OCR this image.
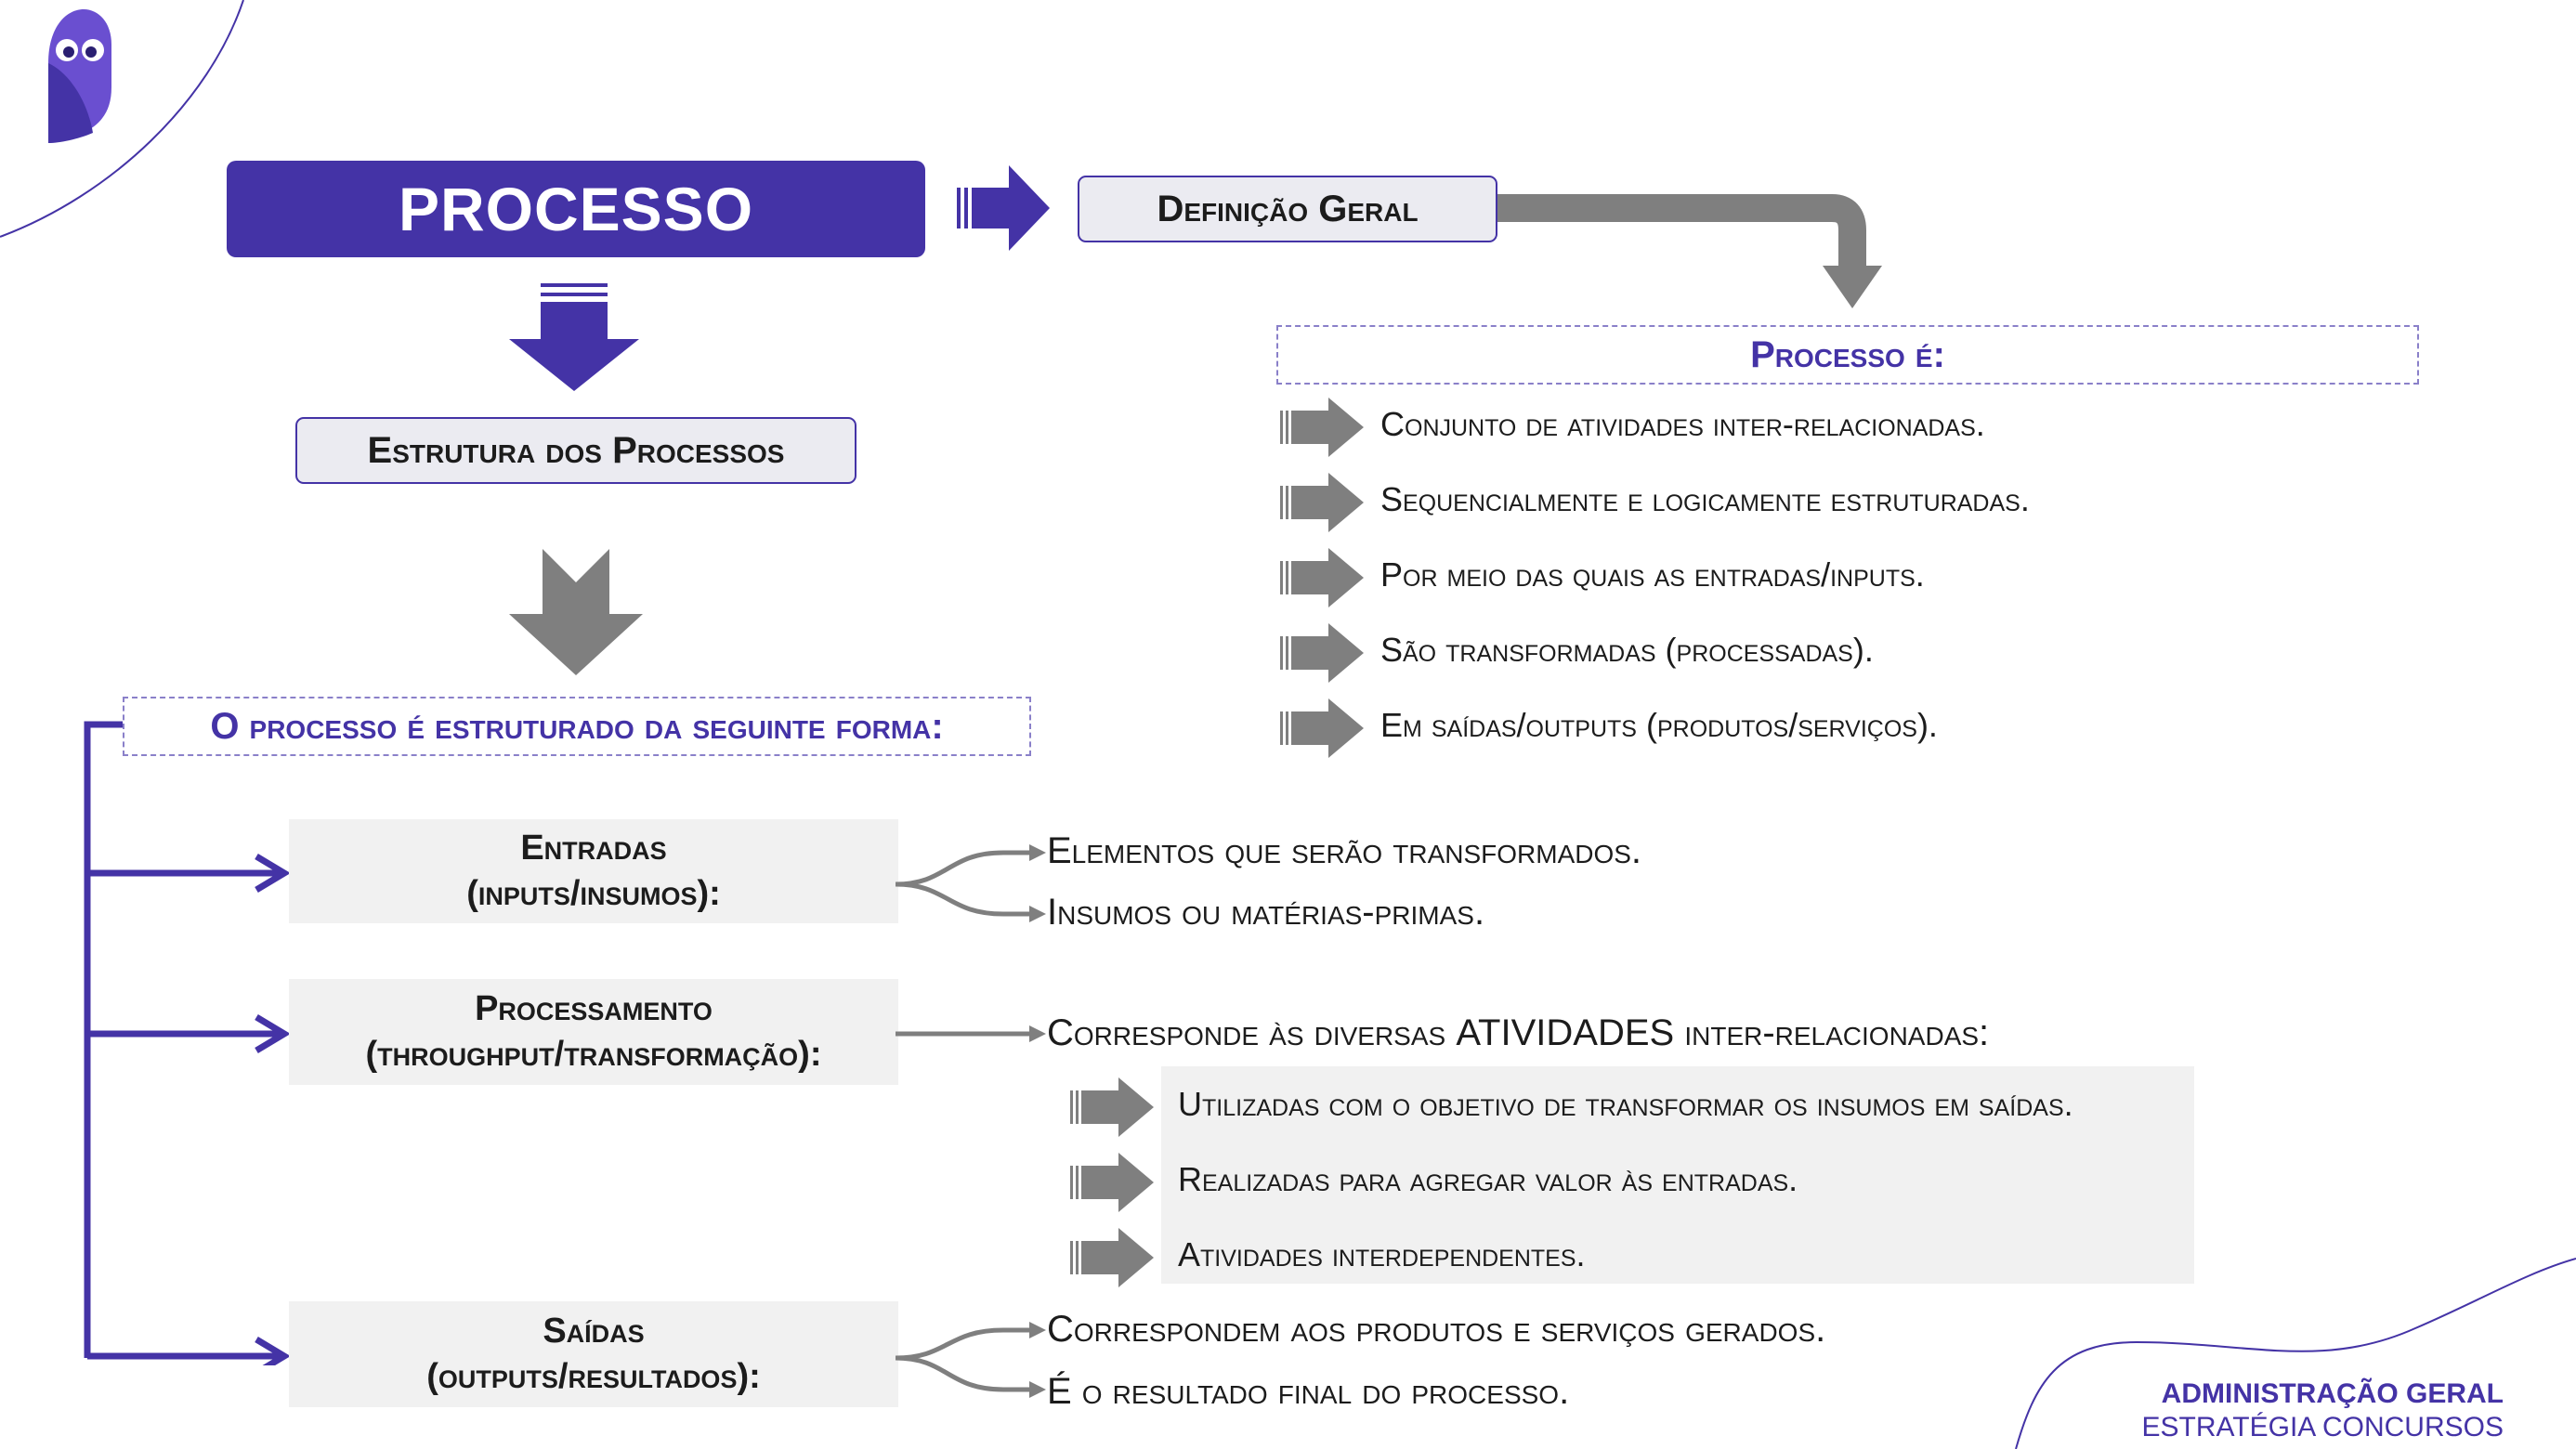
PROCESSO	Definição Geral
Processo é:
Conjunto de atividades inter-relacionadas.
Sequencialmente e logicamente estruturadas.
Por meio das quais as entradas/inputs.
São transformadas (processadas).
Em saídas/outputs (produtos/serviços).
Estrutura dos Processos
O processo é estruturado da seguinte forma:
Entradas
(inputs/insumos):
Processamento
(throughput/transformação):
Saídas
(outputs/resultados):
Elementos que serão transformados.
Insumos ou matérias-primas.
Corresponde às diversas ATIVIDADES inter-relacionadas:
Utilizadas com o objetivo de transformar os insumos em saídas.
Realizadas para agregar valor às entradas.
Atividades interdependentes.
Correspondem aos produtos e serviços gerados.
É o resultado final do processo.	ADMINISTRAÇÃO GERAL
ESTRATÉGIA CONCURSOS
